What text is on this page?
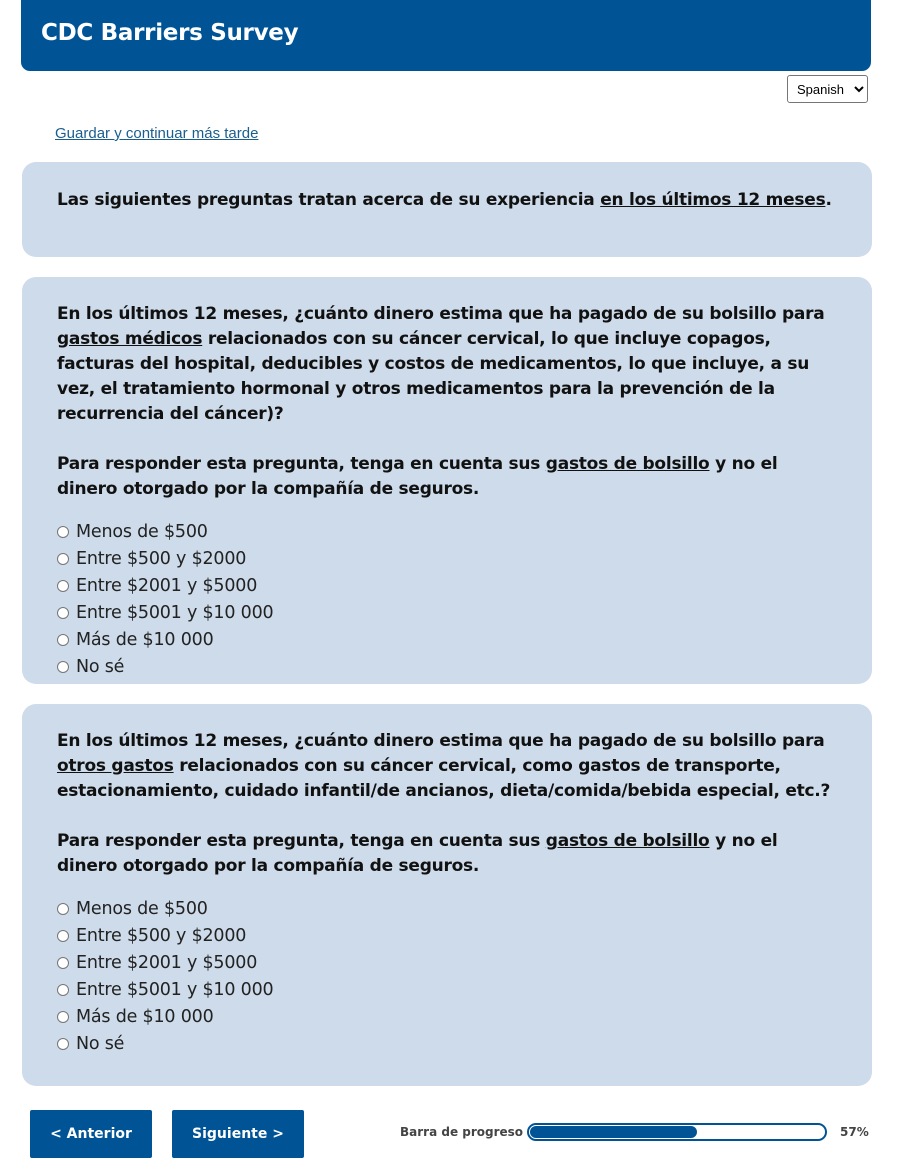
CDC Barriers Survey
Spanish
Guardar y continuar más tarde

Las siguientes preguntas tratan acerca de su experiencia en los últimos 12 meses.

En los últimos 12 meses, ¿cuánto dinero estima que ha pagado de su bolsillo para gastos médicos relacionados con su cáncer cervical, lo que incluye copagos, facturas del hospital, deducibles y costos de medicamentos, lo que incluye, a su vez, el tratamiento hormonal y otros medicamentos para la prevención de la recurrencia del cáncer)?

Para responder esta pregunta, tenga en cuenta sus gastos de bolsillo y no el dinero otorgado por la compañía de seguros.

Menos de $500
Entre $500 y $2000
Entre $2001 y $5000
Entre $5001 y $10 000
Más de $10 000
No sé

En los últimos 12 meses, ¿cuánto dinero estima que ha pagado de su bolsillo para otros gastos relacionados con su cáncer cervical, como gastos de transporte, estacionamiento, cuidado infantil/de ancianos, dieta/comida/bebida especial, etc.?

Para responder esta pregunta, tenga en cuenta sus gastos de bolsillo y no el dinero otorgado por la compañía de seguros.

Menos de $500
Entre $500 y $2000
Entre $2001 y $5000
Entre $5001 y $10 000
Más de $10 000
No sé
< Anterior	Siguiente >	Barra de progreso	57%
